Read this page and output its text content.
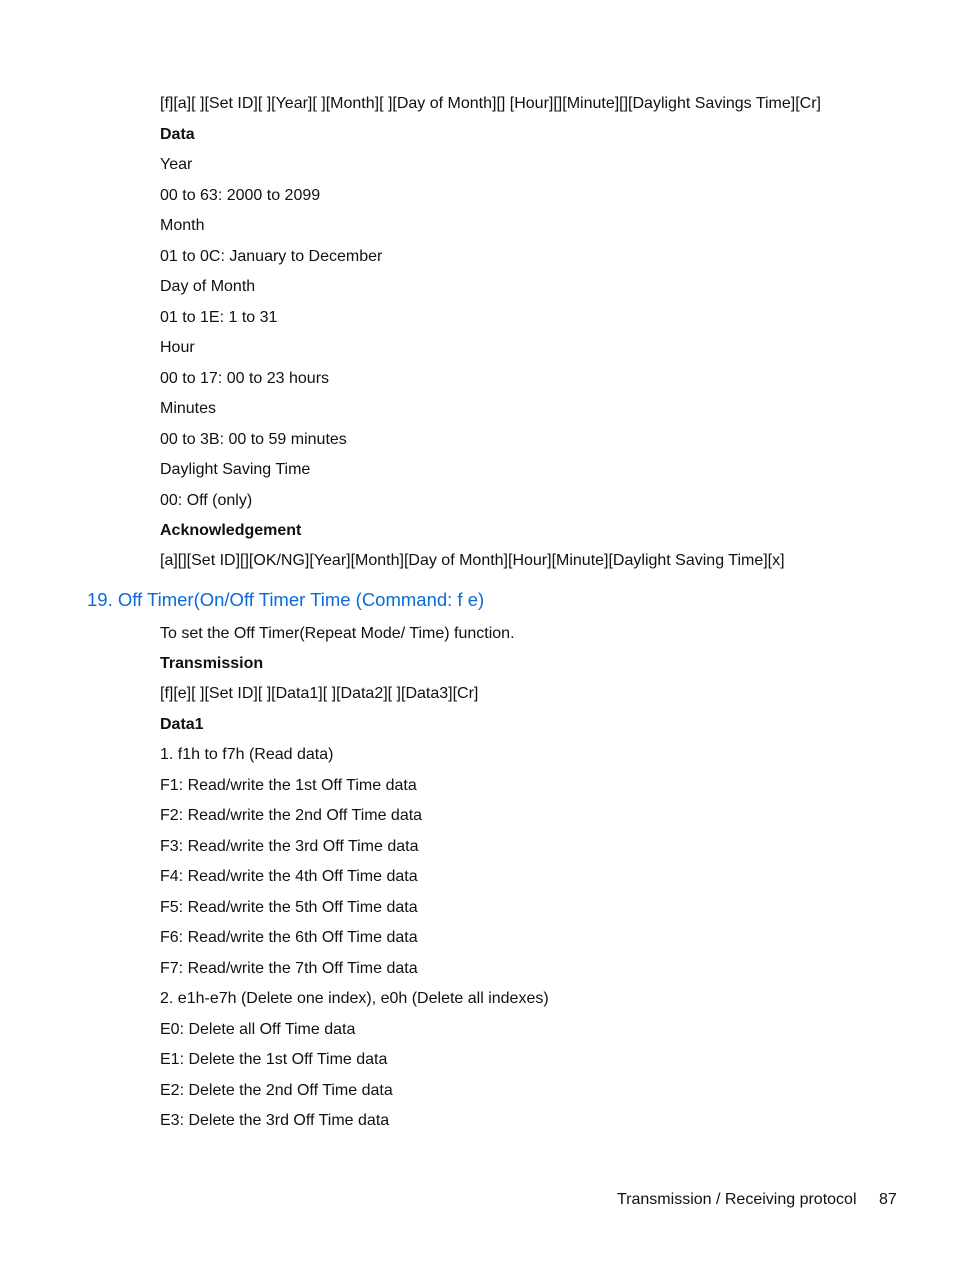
[f][a][ ][Set ID][ ][Year][ ][Month][ ][Day of Month][] [Hour][][Minute][][Daylight Savings Time][Cr]
Data
Year
00 to 63: 2000 to 2099
Month
01 to 0C: January to December
Day of Month
01 to 1E: 1 to 31
Hour
00 to 17: 00 to 23 hours
Minutes
00 to 3B: 00 to 59 minutes
Daylight Saving Time
00: Off (only)
Acknowledgement
[a][][Set ID][][OK/NG][Year][Month][Day of Month][Hour][Minute][Daylight Saving Time][x]
19. Off Timer(On/Off Timer Time (Command: f e)
To set the Off Timer(Repeat Mode/ Time) function.
Transmission
[f][e][ ][Set ID][ ][Data1][ ][Data2][ ][Data3][Cr]
Data1
1. f1h to f7h (Read data)
F1: Read/write the 1st Off Time data
F2: Read/write the 2nd Off Time data
F3: Read/write the 3rd Off Time data
F4: Read/write the 4th Off Time data
F5: Read/write the 5th Off Time data
F6: Read/write the 6th Off Time data
F7: Read/write the 7th Off Time data
2. e1h-e7h (Delete one index), e0h (Delete all indexes)
E0: Delete all Off Time data
E1: Delete the 1st Off Time data
E2: Delete the 2nd Off Time data
E3: Delete the 3rd Off Time data
Transmission / Receiving protocol 87
